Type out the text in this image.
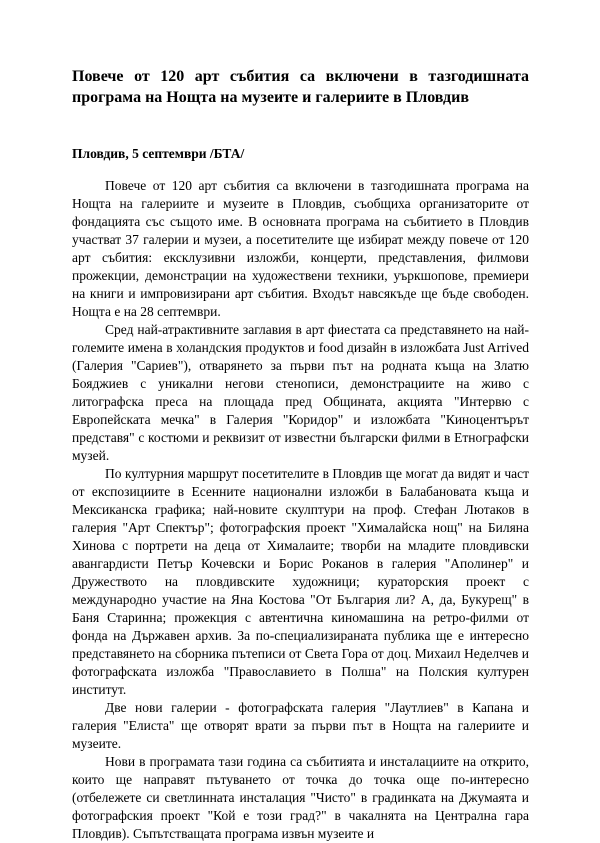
Повече от 120 арт събития са включени в тазгодишната програма на Нощта на музеите и галериите в Пловдив
Пловдив, 5 септември /БТА/

Повече от 120 арт събития са включени в тазгодишната програма на Нощта на галериите и музеите в Пловдив, съобщиха организаторите от фондацията със същото име. В основната програма на събитието в Пловдив участват 37 галерии и музеи, а посетителите ще избират между повече от 120 арт събития: ексклузивни изложби, концерти, представления, филмови прожекции, демонстрации на художествени техники, уъркшопове, премиери на книги и импровизирани арт събития. Входът навсякъде ще бъде свободен. Нощта е на 28 септември.

Сред най-атрактивните заглавия в арт фиестата са представянето на най-големите имена в холандския продуктов и food дизайн в изложбата Just Arrived (Галерия "Сариев"), отварянето за първи път на родната къща на Златю Бояджиев с уникални негови стенописи, демонстрациите на живо с литографска преса на площада пред Общината, акцията "Интервю с Европейската мечка" в Галерия "Коридор" и изложбата "Киноцентърът представя" с костюми и реквизит от известни български филми в Етнографски музей.

По културния маршрут посетителите в Пловдив ще могат да видят и част от експозициите в Есенните национални изложби в Балабановата къща и Мексиканска графика; най-новите скулптури на проф. Стефан Лютаков в галерия "Арт Спектър"; фотографския проект "Хималайска нощ" на Биляна Хинова с портрети на деца от Хималаите; творби на младите пловдивски авангардисти Петър Кочевски и Борис Роканов в галерия "Аполинер" и Дружеството на пловдивските художници; кураторския проект с международно участие на Яна Костова "От България ли? А, да, Букурещ" в Баня Старинна; прожекция с автентична киномашина на ретро-филми от фонда на Държавен архив. За по-специализираната публика ще е интересно представянето на сборника пътеписи от Света Гора от доц. Михаил Неделчев и фотографската изложба "Православието в Полша" на Полския културен институт.

Две нови галерии - фотографската галерия "Лаутлиев" в Капана и галерия "Елиста" ще отворят врати за първи път в Нощта на галериите и музеите.

Нови в програмата тази година са събитията и инсталациите на открито, които ще направят пътуването от точка до точка още по-интересно (отбележете си светлинната инсталация "Чисто" в градинката на Джумаята и фотографския проект "Кой е този град?" в чакалнята на Централна гара Пловдив). Съпътстващата програма извън музеите и
